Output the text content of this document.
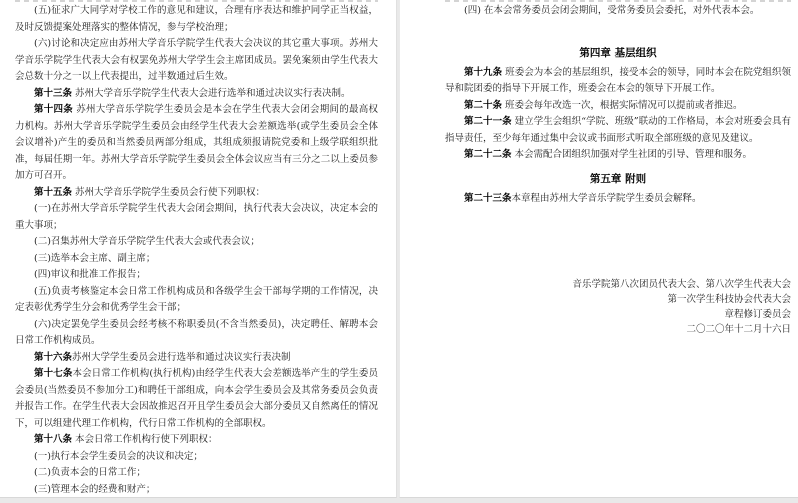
(五)征求广大同学对学校工作的意见和建议，合理有序表达和维护同学正当权益，及时反馈提案处理落实的整体情况，参与学校治理；
(六)讨论和决定应由苏州大学音乐学院学生代表大会决议的其它重大事项。苏州大学音乐学院学生代表大会有权罢免苏州大学学生会主席团成员。罢免案须由学生代表大会总数十分之一以上代表提出，过半数通过后生效。
第十三条 苏州大学音乐学院学生代表大会进行选举和通过决议实行表决制。
第十四条 苏州大学音乐学院学生委员会是本会在学生代表大会闭会期间的最高权力机构。苏州大学音乐学院学生委员会由经学生代表大会差额选举(或学生委员会全体会议增补)产生的委员和当然委员两部分组成，其组成须报请院党委和上级学联组织批准，每届任期一年。苏州大学音乐学院学生委员会全体会议应当有三分之二以上委员参加方可召开。
第十五条 苏州大学音乐学院学生委员会行使下列职权：
(一)在苏州大学音乐学院学生代表大会闭会期间，执行代表大会决议，决定本会的重大事项；
(二)召集苏州大学音乐学院学生代表大会或代表会议；
(三)选举本会主席、副主席；
(四)审议和批准工作报告；
(五)负责考核鉴定本会日常工作机构成员和各级学生会干部每学期的工作情况，决定表彰优秀学生分会和优秀学生会干部；
(六)决定罢免学生委员会经考核不称职委员(不含当然委员)，决定聘任、解聘本会日常工作机构成员。
第十六条苏州大学学生委员会进行选举和通过决议实行表决制
第十七条本会日常工作机构(执行机构)由经学生代表大会差额选举产生的学生委员会委员(当然委员不参加分工)和聘任干部组成，向本会学生委员会及其常务委员会负责并报告工作。在学生代表大会因故推迟召开且学生委员会大部分委员又自然离任的情况下，可以组建代理工作机构，代行日常工作机构的全部职权。
第十八条 本会日常工作机构行使下列职权：
(一)执行本会学生委员会的决议和决定；
(二)负责本会的日常工作；
(三)管理本会的经费和财产；
(四) 在本会常务委员会闭会期间，受常务委员会委托，对外代表本会。
第四章 基层组织
第十九条 班委会为本会的基层组织，接受本会的领导，同时本会在院党组织领导和院团委的指导下开展工作，班委会在本会的领导下开展工作。
第二十条 班委会每年改选一次，根据实际情况可以提前或者推迟。
第二十一条 建立学生会组织“学院、班级”联动的工作格局，本会对班委会具有指导责任，至少每年通过集中会议或书面形式听取全部班级的意见及建议。
第二十二条 本会需配合团组织加强对学生社团的引导、管理和服务。
第五章 附则
第二十三条本章程由苏州大学音乐学院学生委员会解释。
音乐学院第八次团员代表大会、第八次学生代表大会
第一次学生科技协会代表大会
章程修订委员会
二〇二〇年十二月十六日
